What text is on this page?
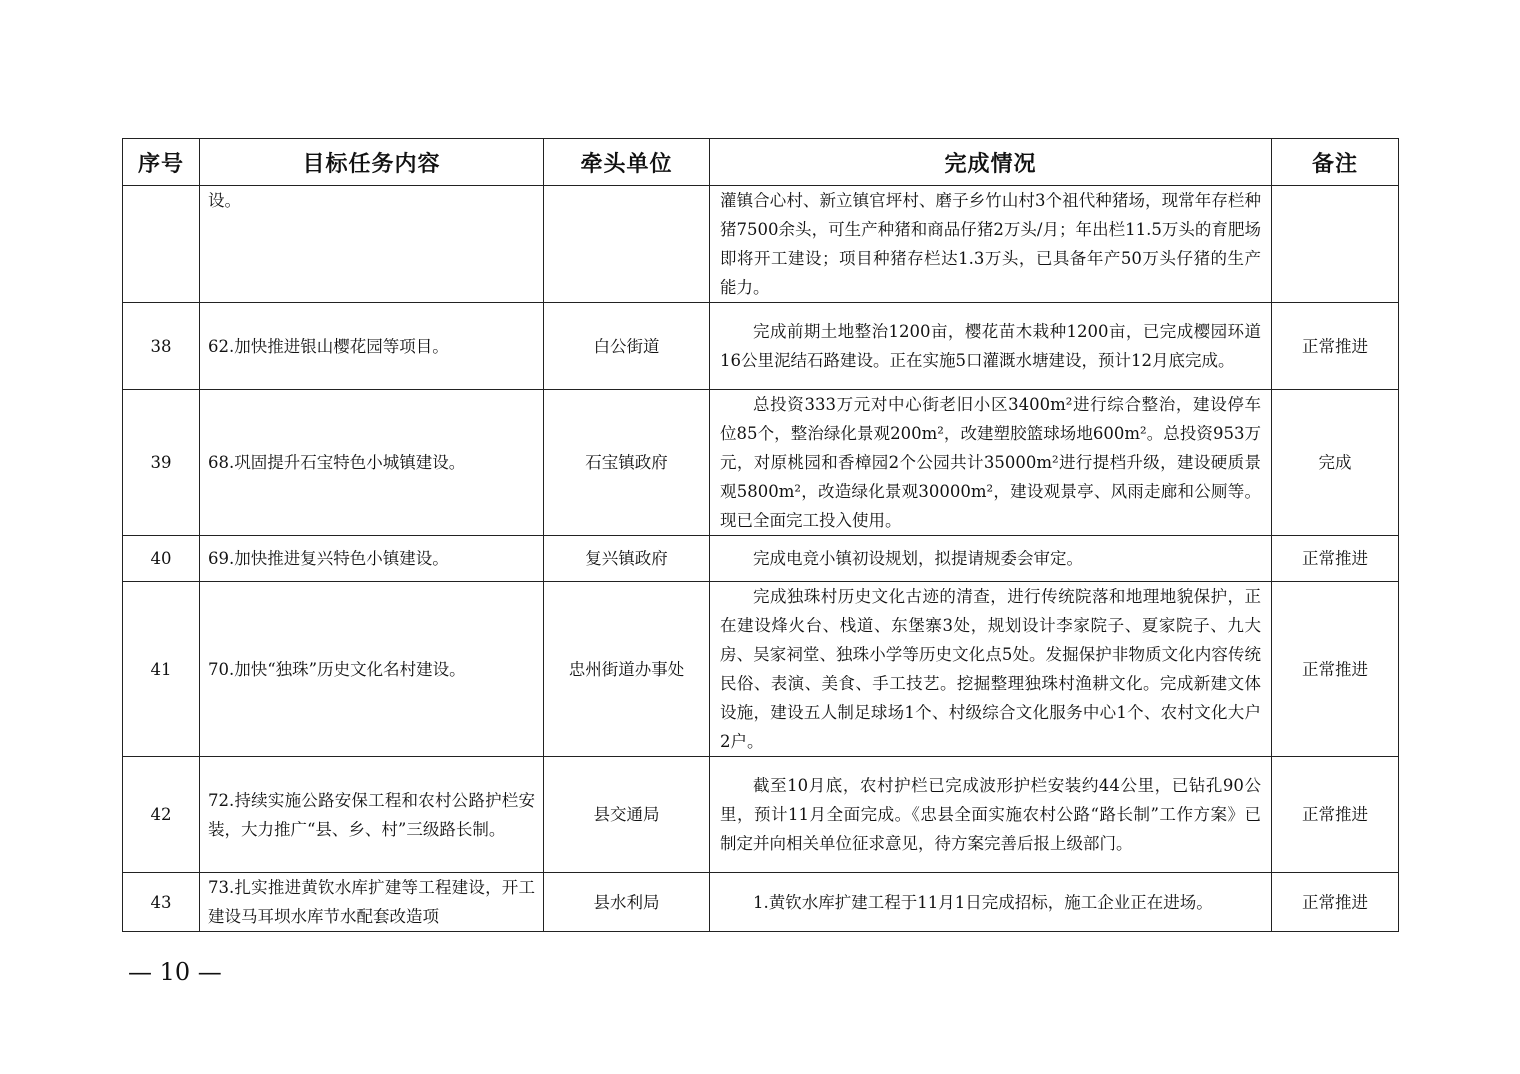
序号	目标任务内容	牵头单位	完成情况	备注
	设。		灌镇合心村、新立镇官坪村、磨子乡竹山村3个祖代种猪场，现常年存栏种猪7500余头，可生产种猪和商品仔猪2万头/月；年出栏11.5万头的育肥场即将开工建设；项目种猪存栏达1.3万头，已具备年产50万头仔猪的生产能力。	
38	62.加快推进银山樱花园等项目。	白公街道	完成前期土地整治1200亩，樱花苗木栽种1200亩，已完成樱园环道16公里泥结石路建设。正在实施5口灌溉水塘建设，预计12月底完成。	正常推进
39	68.巩固提升石宝特色小城镇建设。	石宝镇政府	总投资333万元对中心街老旧小区3400m²进行综合整治，建设停车位85个，整治绿化景观200m²，改建塑胶篮球场地600m²。总投资953万元，对原桃园和香樟园2个公园共计35000m²进行提档升级，建设硬质景观5800m²，改造绿化景观30000m²，建设观景亭、风雨走廊和公厕等。现已全面完工投入使用。	完成
40	69.加快推进复兴特色小镇建设。	复兴镇政府	完成电竞小镇初设规划，拟提请规委会审定。	正常推进
41	70.加快“独珠”历史文化名村建设。	忠州街道办事处	完成独珠村历史文化古迹的清查，进行传统院落和地理地貌保护，正在建设烽火台、栈道、东堡寨3处，规划设计李家院子、夏家院子、九大房、吴家祠堂、独珠小学等历史文化点5处。发掘保护非物质文化内容传统民俗、表演、美食、手工技艺。挖掘整理独珠村渔耕文化。完成新建文体设施，建设五人制足球场1个、村级综合文化服务中心1个、农村文化大户2户。	正常推进
42	72.持续实施公路安保工程和农村公路护栏安装，大力推广“县、乡、村”三级路长制。	县交通局	截至10月底，农村护栏已完成波形护栏安装约44公里，已钻孔90公里，预计11月全面完成。《忠县全面实施农村公路“路长制”工作方案》已制定并向相关单位征求意见，待方案完善后报上级部门。	正常推进
43	73.扎实推进黄钦水库扩建等工程建设，开工建设马耳坝水库节水配套改造项	县水利局	1.黄钦水库扩建工程于11月1日完成招标，施工企业正在进场。	正常推进
— 10 —
